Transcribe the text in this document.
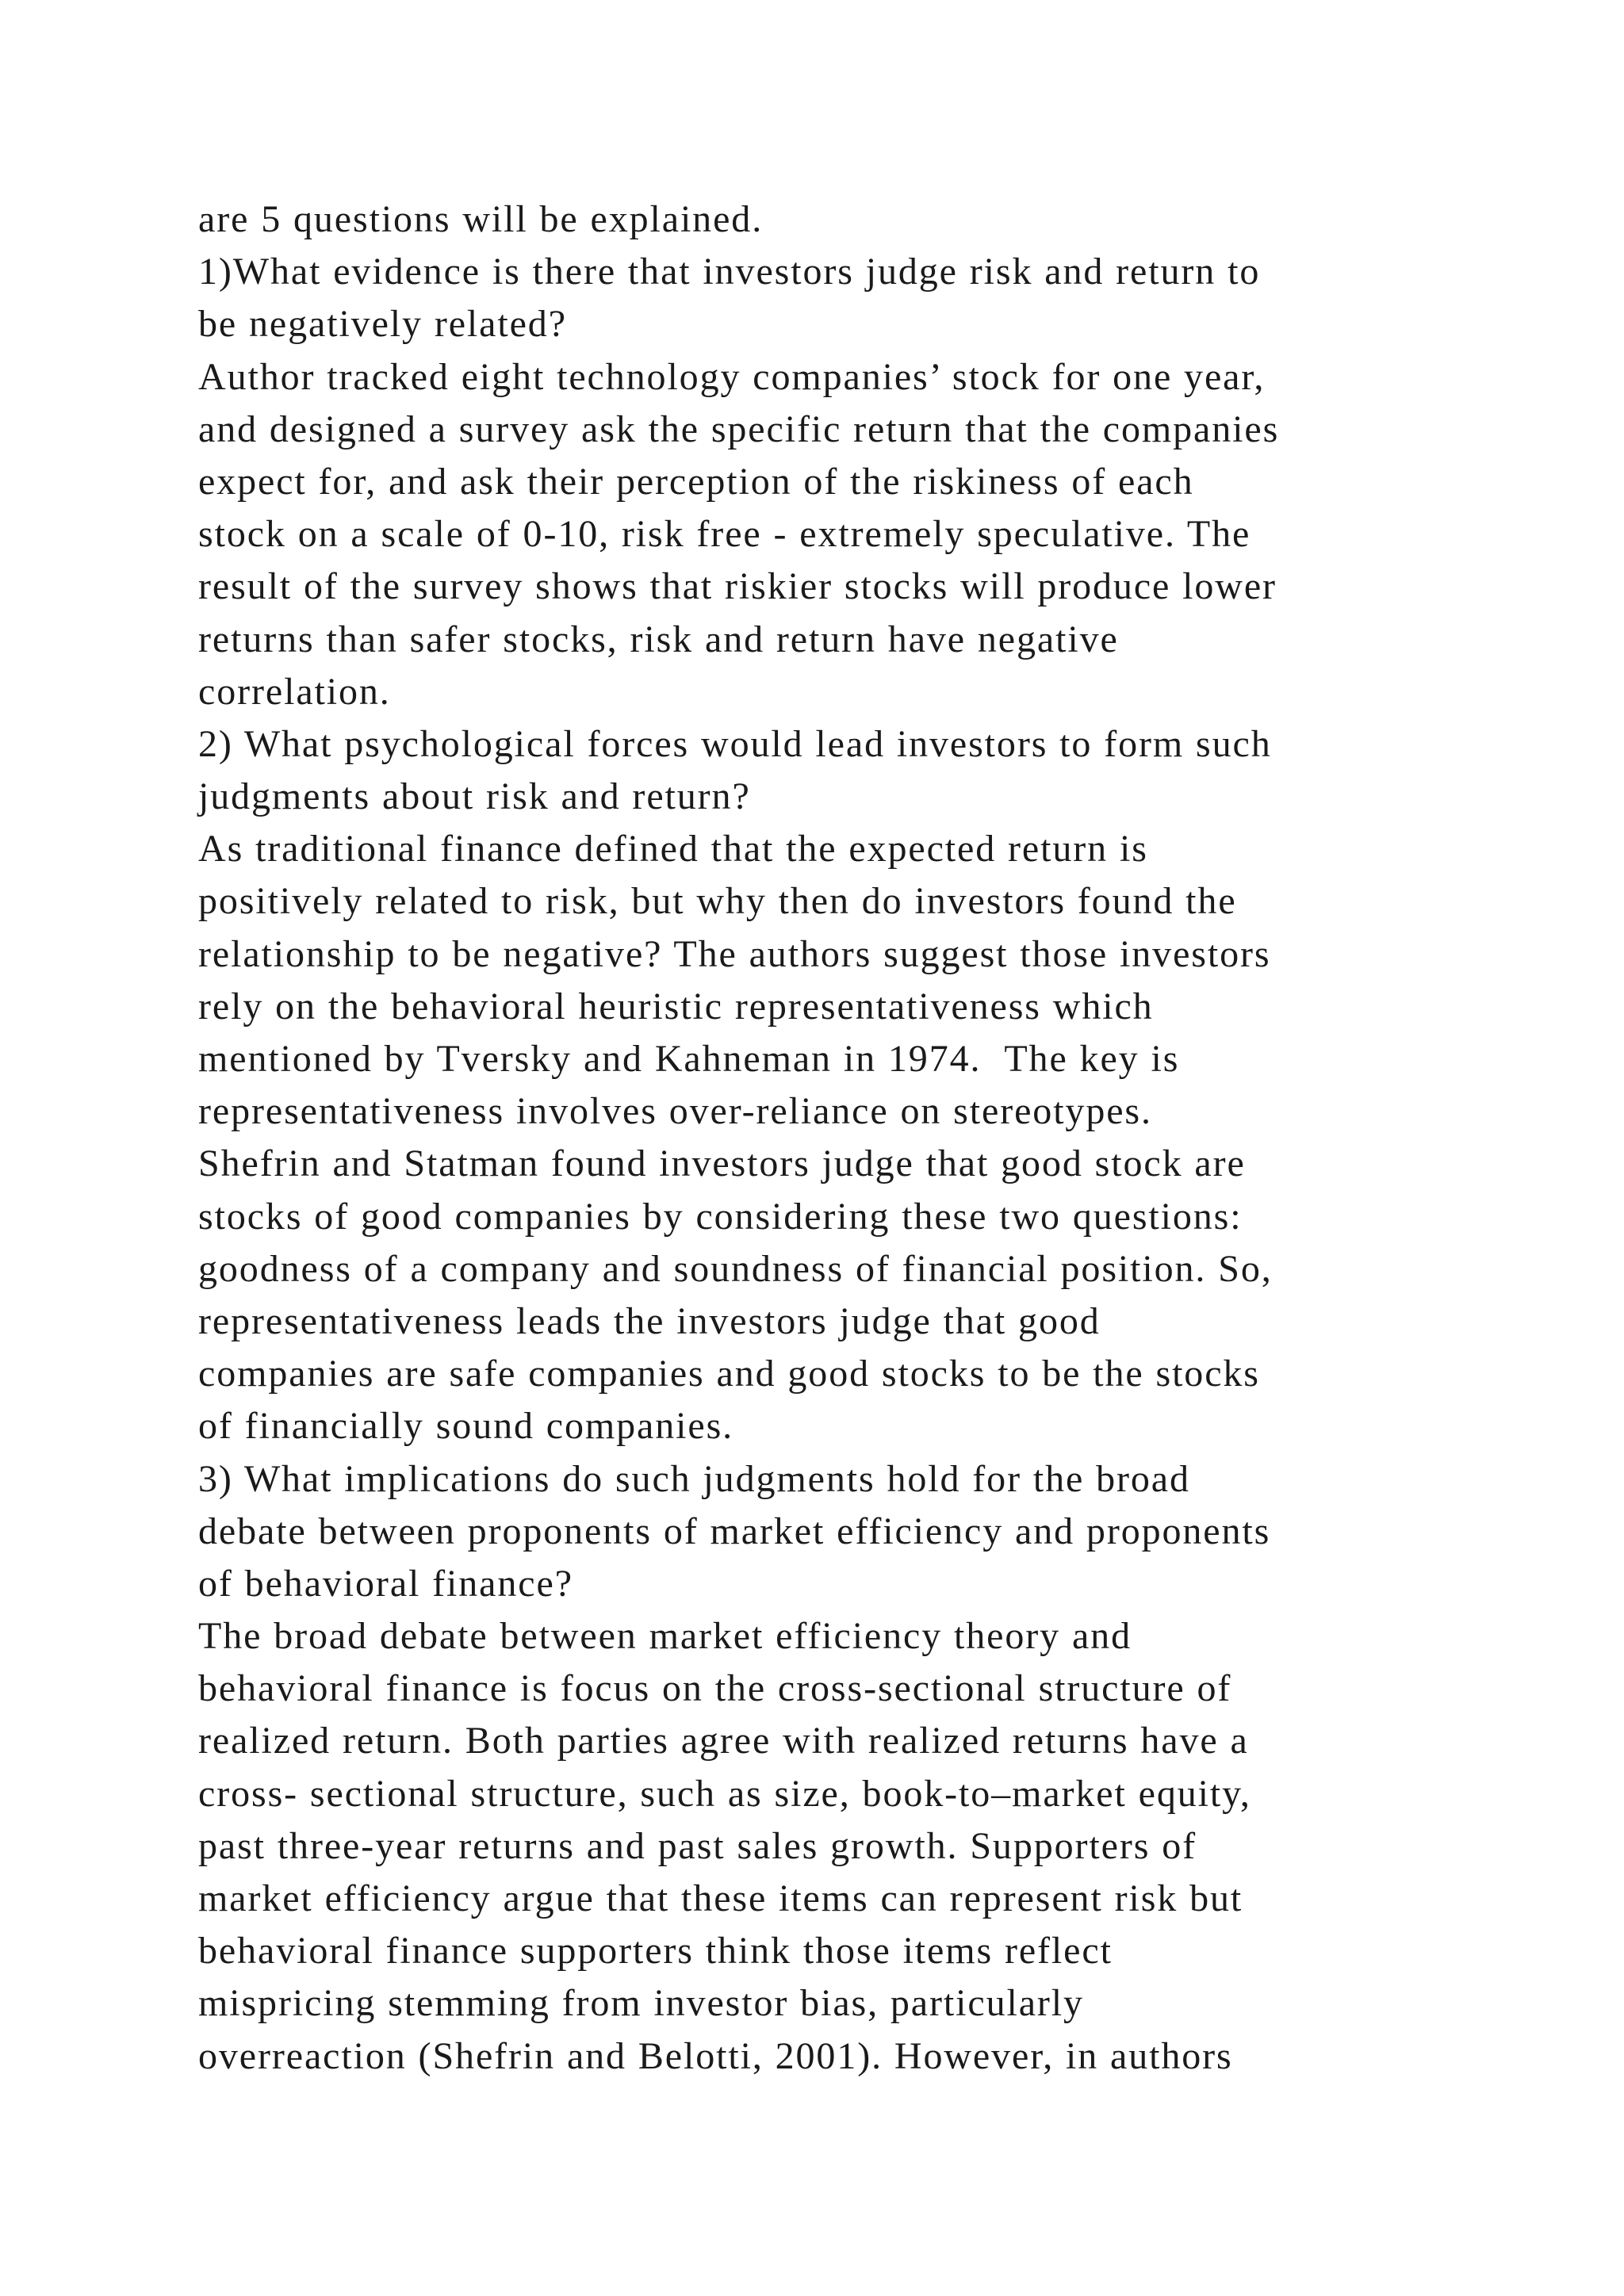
are 5 questions will be explained.
1)What evidence is there that investors judge risk and return to
be negatively related?
Author tracked eight technology companies’ stock for one year,
and designed a survey ask the specific return that the companies
expect for, and ask their perception of the riskiness of each
stock on a scale of 0-10, risk free - extremely speculative. The
result of the survey shows that riskier stocks will produce lower
returns than safer stocks, risk and return have negative
correlation.
2) What psychological forces would lead investors to form such
judgments about risk and return?
As traditional finance defined that the expected return is
positively related to risk, but why then do investors found the
relationship to be negative? The authors suggest those investors
rely on the behavioral heuristic representativeness which
mentioned by Tversky and Kahneman in 1974.  The key is
representativeness involves over-reliance on stereotypes.
Shefrin and Statman found investors judge that good stock are
stocks of good companies by considering these two questions:
goodness of a company and soundness of financial position. So,
representativeness leads the investors judge that good
companies are safe companies and good stocks to be the stocks
of financially sound companies.
3) What implications do such judgments hold for the broad
debate between proponents of market efficiency and proponents
of behavioral finance?
The broad debate between market efficiency theory and
behavioral finance is focus on the cross-sectional structure of
realized return. Both parties agree with realized returns have a
cross- sectional structure, such as size, book-to–market equity,
past three-year returns and past sales growth. Supporters of
market efficiency argue that these items can represent risk but
behavioral finance supporters think those items reflect
mispricing stemming from investor bias, particularly
overreaction (Shefrin and Belotti, 2001). However, in authors
